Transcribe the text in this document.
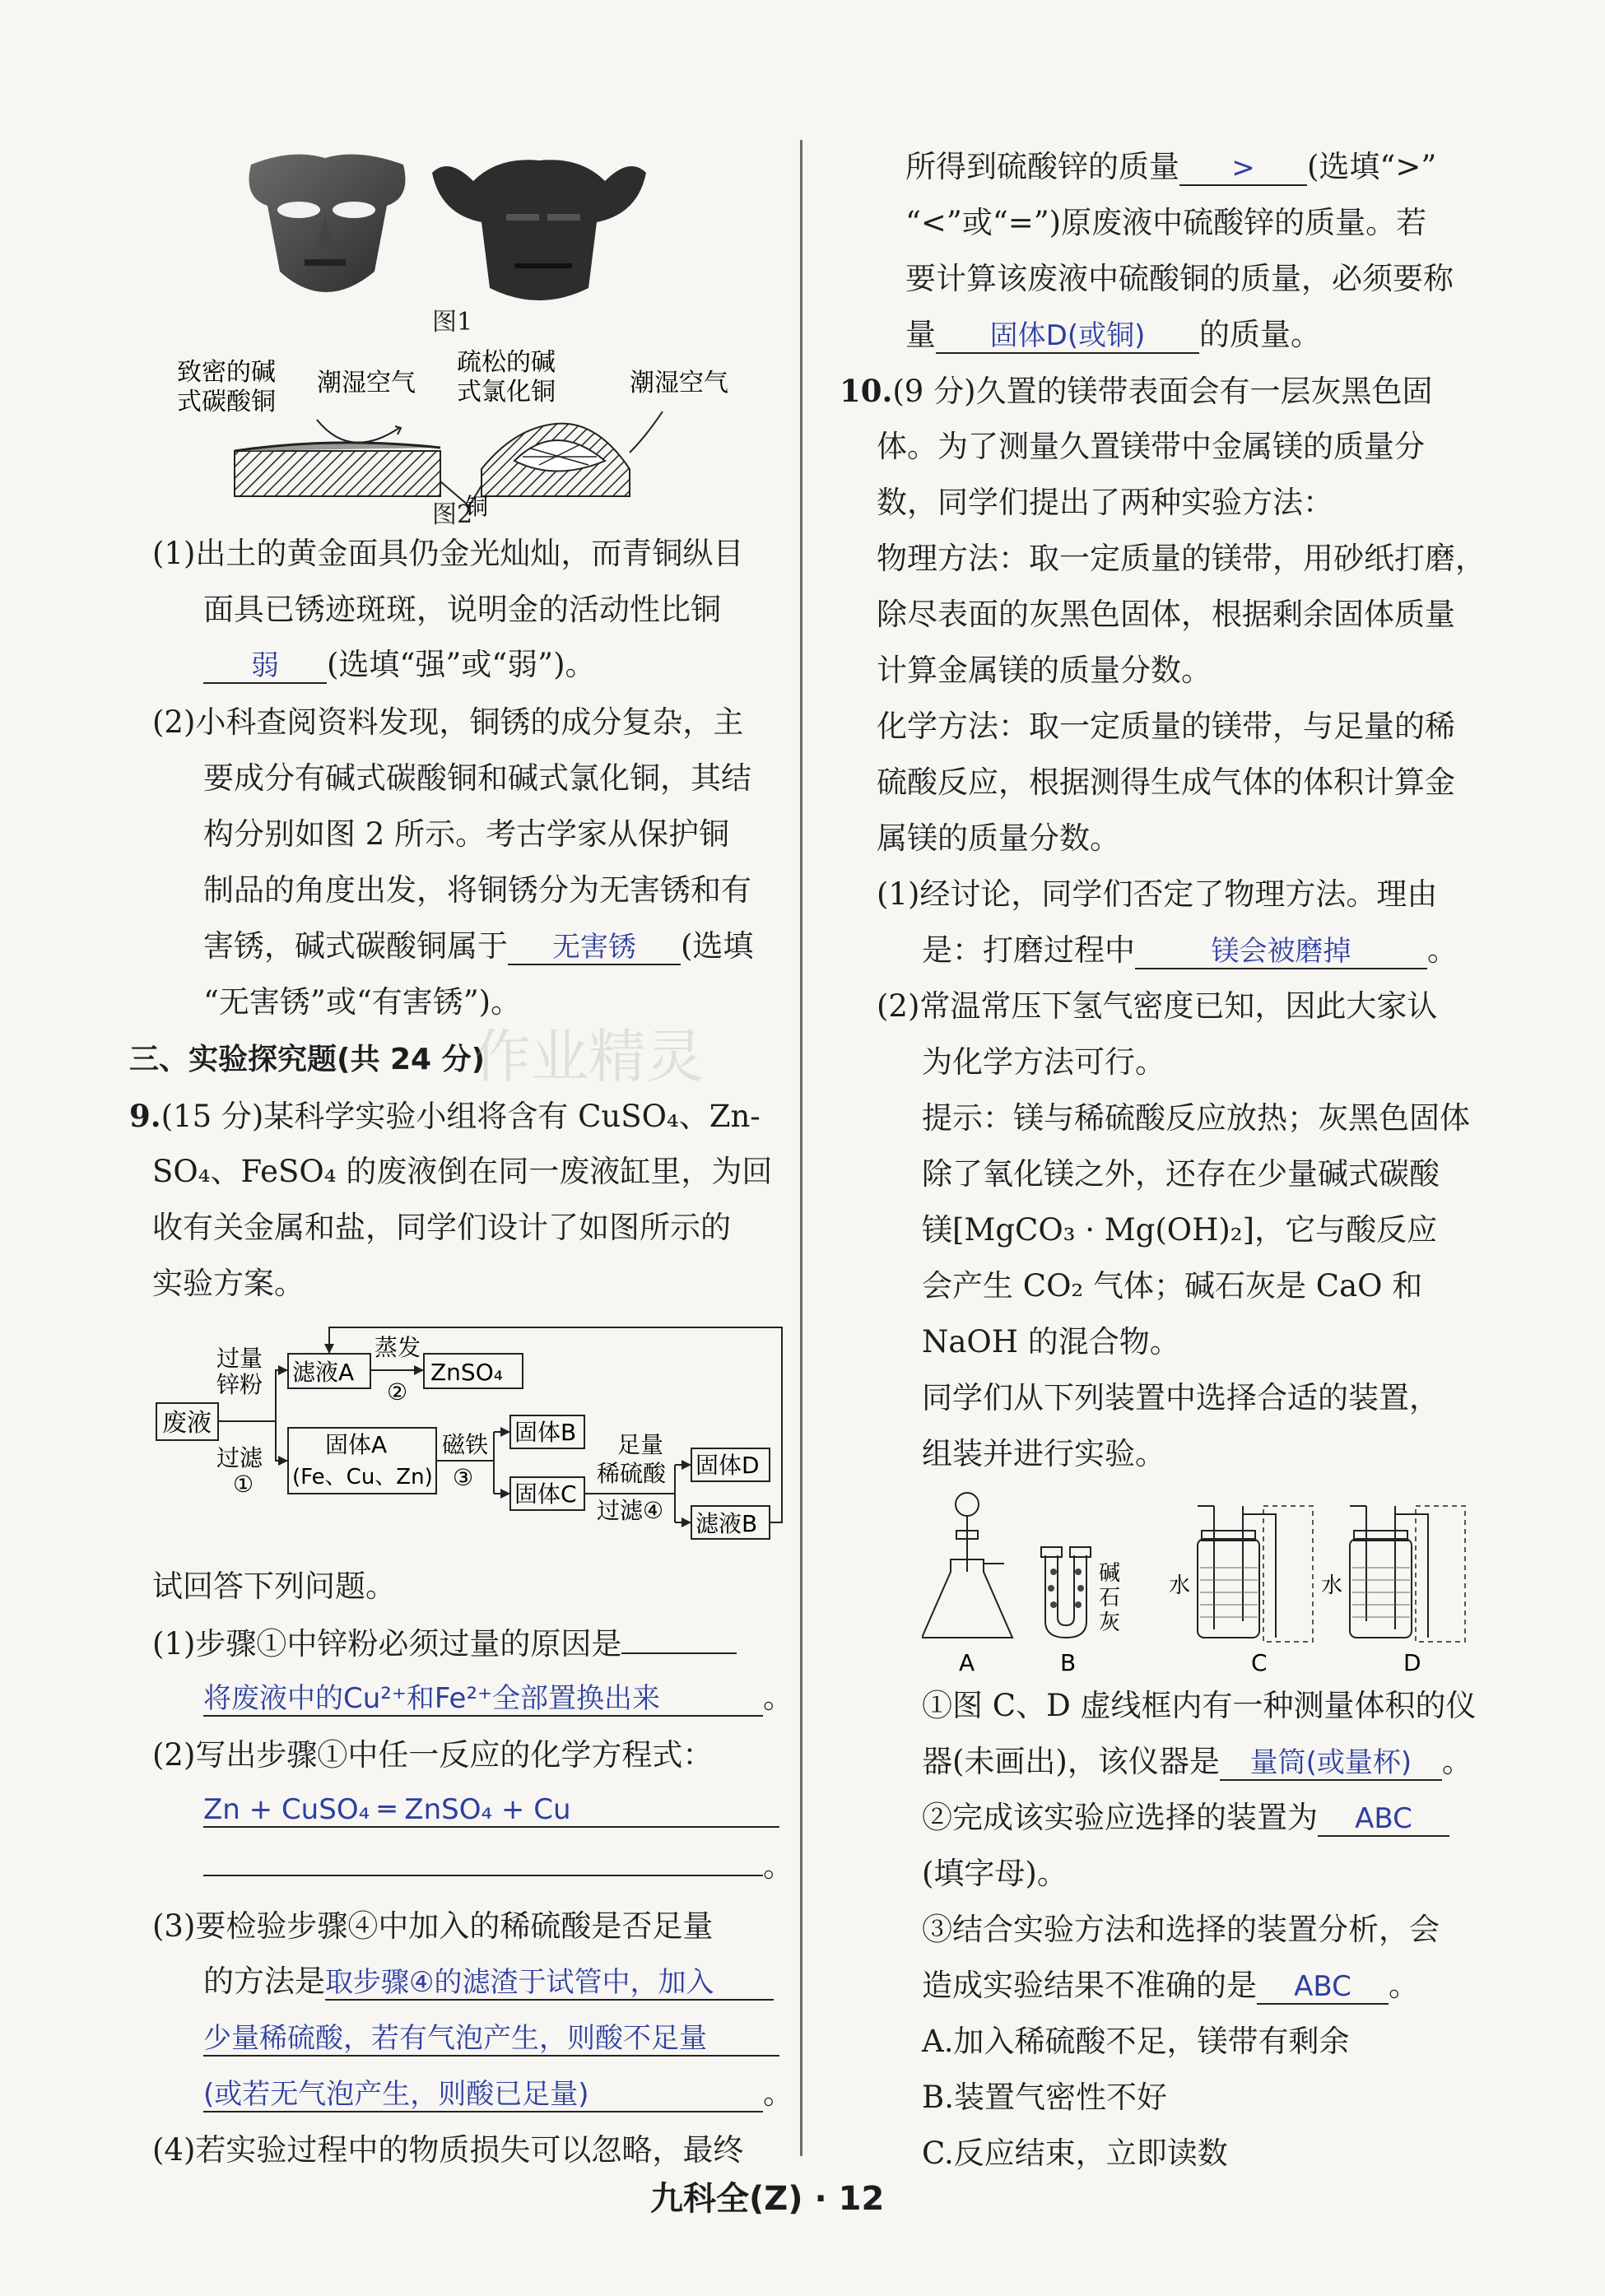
图1
致密的碱
式碳酸铜
潮湿空气
疏松的碱
式氯化铜	潮湿空气
铜
图2
(1)出土的黄金面具仍金光灿灿，而青铜纵目
面具已锈迹斑斑，说明金的活动性比铜
弱 (选填“强”或“弱”)。
(2)小科查阅资料发现，铜锈的成分复杂，主
要成分有碱式碳酸铜和碱式氯化铜，其结
构分别如图 2 所示。考古学家从保护铜
制品的角度出发，将铜锈分为无害锈和有
害锈，碱式碳酸铜属于 无害锈 (选填
“无害锈”或“有害锈”)。
三、实验探究题(共 24 分)
9.(15 分)某科学实验小组将含有 CuSO₄、Zn-
SO₄、FeSO₄ 的废液倒在同一废液缸里，为回
收有关金属和盐，同学们设计了如图所示的
实验方案。
废液
过量
锌粉
过滤
①
滤液A
蒸发
②
ZnSO₄
固体A
(Fe、Cu、Zn)
磁铁
③
固体B
固体C
足量
稀硫酸
过滤④
固体D
滤液B
试回答下列问题。
(1)步骤①中锌粉必须过量的原因是
将废液中的Cu²⁺和Fe²⁺全部置换出来	。
(2)写出步骤①中任一反应的化学方程式：
Zn + CuSO₄ ═ ZnSO₄ + Cu
。
(3)要检验步骤④中加入的稀硫酸是否足量
的方法是取步骤④的滤渣于试管中，加入
少量稀硫酸，若有气泡产生，则酸不足量
(或若无气泡产生，则酸已足量)	。
(4)若实验过程中的物质损失可以忽略，最终
作业精灵
所得到硫酸锌的质量 > (选填“>”
“<”或“=”)原废液中硫酸锌的质量。若
要计算该废液中硫酸铜的质量，必须要称
量 固体D(或铜) 的质量。
10.(9 分)久置的镁带表面会有一层灰黑色固
体。为了测量久置镁带中金属镁的质量分
数，同学们提出了两种实验方法：
物理方法：取一定质量的镁带，用砂纸打磨，
除尽表面的灰黑色固体，根据剩余固体质量
计算金属镁的质量分数。
化学方法：取一定质量的镁带，与足量的稀
硫酸反应，根据测得生成气体的体积计算金
属镁的质量分数。
(1)经讨论，同学们否定了物理方法。理由
是：打磨过程中	镁会被磨掉	。
(2)常温常压下氢气密度已知，因此大家认
为化学方法可行。
提示：镁与稀硫酸反应放热；灰黑色固体
除了氧化镁之外，还存在少量碱式碳酸
镁[MgCO₃ · Mg(OH)₂]，它与酸反应
会产生 CO₂ 气体；碱石灰是 CaO 和
NaOH 的混合物。
同学们从下列装置中选择合适的装置，
组装并进行实验。
碱石灰
水	水
A	B	C	D
①图 C、D 虚线框内有一种测量体积的仪
器(未画出)，该仪器是 量筒(或量杯) 。
②完成该实验应选择的装置为 ABC
(填字母)。
③结合实验方法和选择的装置分析，会
造成实验结果不准确的是 ABC 。
A.加入稀硫酸不足，镁带有剩余
B.装置气密性不好
C.反应结束，立即读数
九科全(Z) · 12
